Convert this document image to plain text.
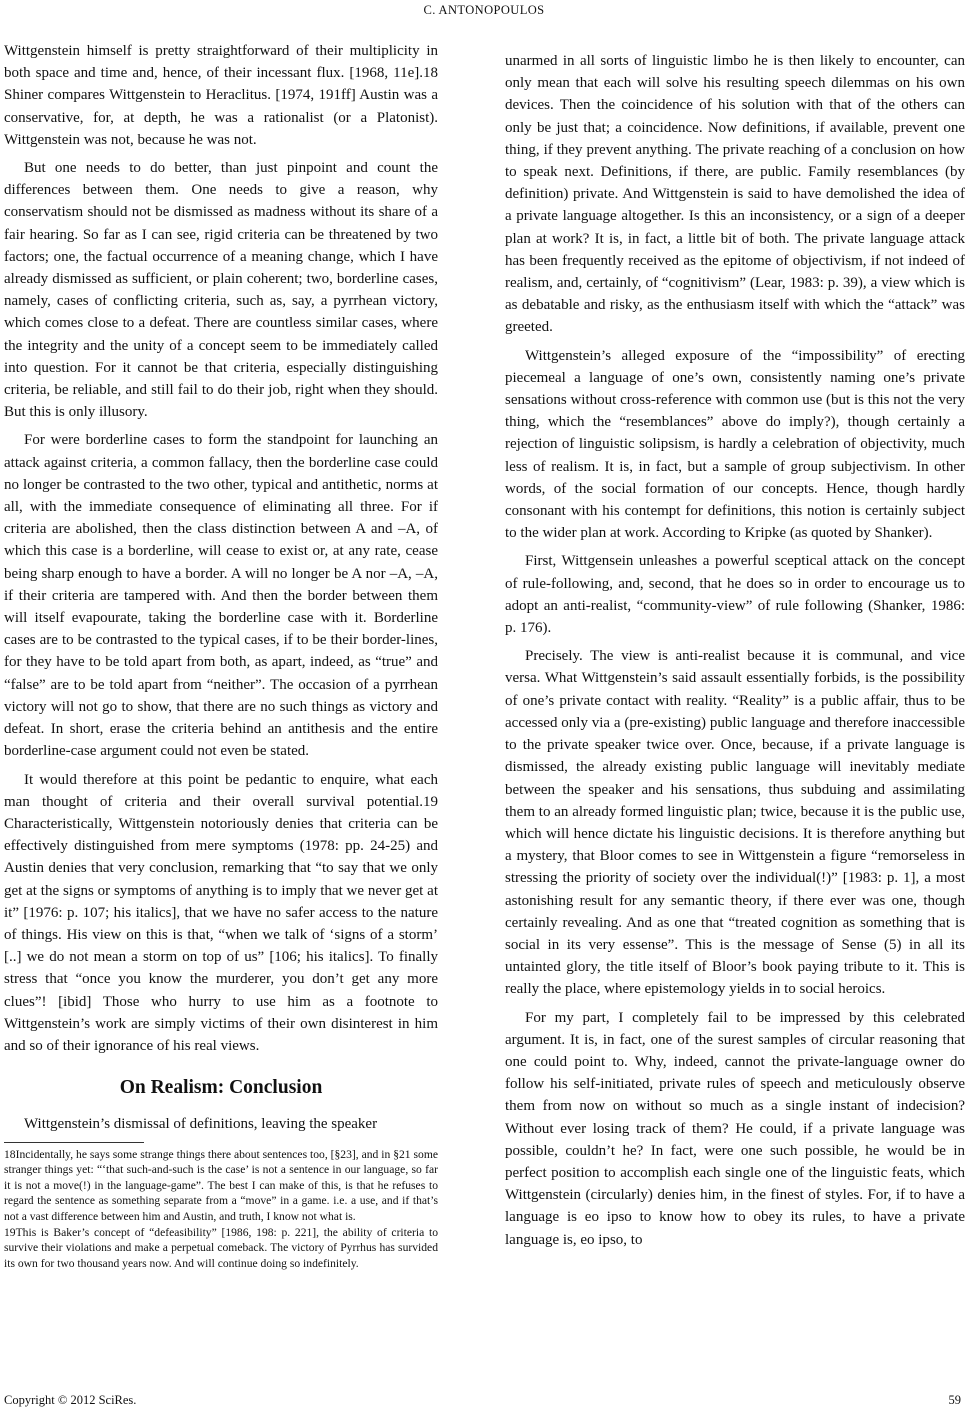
C. ANTONOPOULOS

Wittgenstein himself is pretty straightforward of their multiplicity in both space and time and, hence, of their incessant flux. [1968, 11e].18 Shiner compares Wittgenstein to Heraclitus. [1974, 191ff] Austin was a conservative, for, at depth, he was a rationalist (or a Platonist). Wittgenstein was not, because he was not.

But one needs to do better, than just pinpoint and count the differences between them. One needs to give a reason, why conservatism should not be dismissed as madness without its share of a fair hearing. So far as I can see, rigid criteria can be threatened by two factors; one, the factual occurrence of a meaning change, which I have already dismissed as sufficient, or plain coherent; two, borderline cases, namely, cases of conflicting criteria, such as, say, a pyrrhean victory, which comes close to a defeat. There are countless similar cases, where the integrity and the unity of a concept seem to be immediately called into question. For it cannot be that criteria, especially distinguishing criteria, be reliable, and still fail to do their job, right when they should. But this is only illusory.

For were borderline cases to form the standpoint for launching an attack against criteria, a common fallacy, then the borderline case could no longer be contrasted to the two other, typical and antithetic, norms at all, with the immediate consequence of eliminating all three. For if criteria are abolished, then the class distinction between A and –A, of which this case is a borderline, will cease to exist or, at any rate, cease being sharp enough to have a border. A will no longer be A nor –A, –A, if their criteria are tampered with. And then the border between them will itself evapourate, taking the borderline case with it. Borderline cases are to be contrasted to the typical cases, if to be their border-lines, for they have to be told apart from both, as apart, indeed, as “true” and “false” are to be told apart from “neither”. The occasion of a pyrrhean victory will not go to show, that there are no such things as victory and defeat. In short, erase the criteria behind an antithesis and the entire borderline-case argument could not even be stated.

It would therefore at this point be pedantic to enquire, what each man thought of criteria and their overall survival potential.19 Characteristically, Wittgenstein notoriously denies that criteria can be effectively distinguished from mere symptoms (1978: pp. 24-25) and Austin denies that very conclusion, remarking that “to say that we only get at the signs or symptoms of anything is to imply that we never get at it” [1976: p. 107; his italics], that we have no safer access to the nature of things. His view on this is that, “when we talk of ‘signs of a storm’ [..] we do not mean a storm on top of us” [106; his italics]. To finally stress that “once you know the murderer, you don’t get any more clues”! [ibid] Those who hurry to use him as a footnote to Wittgenstein’s work are simply victims of their own disinterest in him and so of their ignorance of his real views.

On Realism: Conclusion

Wittgenstein’s dismissal of definitions, leaving the speaker

18Incidentally, he says some strange things there about sentences too, [§23], and in §21 some stranger things yet: “‘that such-and-such is the case’ is not a sentence in our language, so far it is not a move(!) in the language-game”. The best I can make of this, is that he refuses to regard the sentence as something separate from a “move” in a game. i.e. a use, and if that’s not a vast difference between him and Austin, and truth, I know not what is.

19This is Baker’s concept of “defeasibility” [1986, 198: p. 221], the ability of criteria to survive their violations and make a perpetual comeback. The victory of Pyrrhus has survided its own for two thousand years now. And will continue doing so indefinitely.

unarmed in all sorts of linguistic limbo he is then likely to encounter, can only mean that each will solve his resulting speech dilemmas on his own devices. Then the coincidence of his solution with that of the others can only be just that; a coincidence. Now definitions, if available, prevent one thing, if they prevent anything. The private reaching of a conclusion on how to speak next. Definitions, if there, are public. Family resemblances (by definition) private. And Wittgenstein is said to have demolished the idea of a private language altogether. Is this an inconsistency, or a sign of a deeper plan at work? It is, in fact, a little bit of both. The private language attack has been frequently received as the epitome of objectivism, if not indeed of realism, and, certainly, of “cognitivism” (Lear, 1983: p. 39), a view which is as debatable and risky, as the enthusiasm itself with which the “attack” was greeted.

Wittgenstein’s alleged exposure of the “impossibility” of erecting piecemeal a language of one’s own, consistently naming one’s private sensations without cross-reference with common use (but is this not the very thing, which the “resemblances” above do imply?), though certainly a rejection of linguistic solipsism, is hardly a celebration of objectivity, much less of realism. It is, in fact, but a sample of group subjectivism. In other words, of the social formation of our concepts. Hence, though hardly consonant with his contempt for definitions, this notion is certainly subject to the wider plan at work. According to Kripke (as quoted by Shanker).

First, Wittgensein unleashes a powerful sceptical attack on the concept of rule-following, and, second, that he does so in order to encourage us to adopt an anti-realist, “community-view” of rule following (Shanker, 1986: p. 176).

Precisely. The view is anti-realist because it is communal, and vice versa. What Wittgenstein’s said assault essentially forbids, is the possibility of one’s private contact with reality. “Reality” is a public affair, thus to be accessed only via a (pre-existing) public language and therefore inaccessible to the private speaker twice over. Once, because, if a private language is dismissed, the already existing public language will inevitably mediate between the speaker and his sensations, thus subduing and assimilating them to an already formed linguistic plan; twice, because it is the public use, which will hence dictate his linguistic decisions. It is therefore anything but a mystery, that Bloor comes to see in Wittgenstein a figure “remorseless in stressing the priority of society over the individual(!)” [1983: p. 1], a most astonishing result for any semantic theory, if there ever was one, though certainly revealing. And as one that “treated cognition as something that is social in its very essense”. This is the message of Sense (5) in all its untainted glory, the title itself of Bloor’s book paying tribute to it. This is really the place, where epistemology yields in to social heroics.

For my part, I completely fail to be impressed by this celebrated argument. It is, in fact, one of the surest samples of circular reasoning that one could point to. Why, indeed, cannot the private-language owner do follow his self-initiated, private rules of speech and meticulously observe them from now on without so much as a single instant of indecision? Without ever losing track of them? He could, if a private language was possible, couldn’t he? In fact, were one such possible, he would be in perfect position to accomplish each single one of the linguistic feats, which Wittgenstein (circularly) denies him, in the finest of styles. For, if to have a language is eo ipso to know how to obey its rules, to have a private language is, eo ipso, to

Copyright © 2012 SciRes.	59
